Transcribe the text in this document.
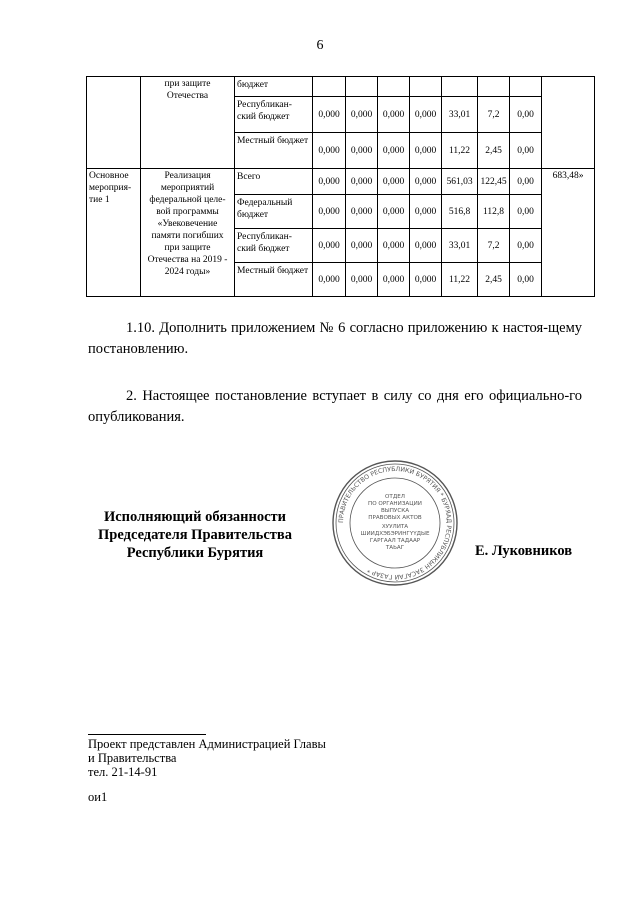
6
	при защите Отечества	бюджет								
		Республикан-ский бюджет	0,000	0,000	0,000	0,000	33,01	7,2	0,00	
		Местный бюджет	0,000	0,000	0,000	0,000	11,22	2,45	0,00	
Основное мероприя-тие 1	Реализация мероприятий федеральной целе-вой программы «Увековечение памяти погибших при защите Отечества на 2019 - 2024 годы»	Всего	0,000	0,000	0,000	0,000	561,03	122,45	0,00	683,48»
		Федеральный бюджет	0,000	0,000	0,000	0,000	516,8	112,8	0,00	
		Республикан-ский бюджет	0,000	0,000	0,000	0,000	33,01	7,2	0,00	
		Местный бюджет	0,000	0,000	0,000	0,000	11,22	2,45	0,00	
1.10. Дополнить приложением № 6 согласно приложению к настоя-щему постановлению.
2. Настоящее постановление вступает в силу со дня его официально-го опубликования.
Исполняющий обязанности
Председателя Правительства
Республики Бурятия
ПРАВИТЕЛЬСТВО РЕСПУБЛИКИ БУРЯТИЯ * БУРЯАД РЕСПУБЛИКЫН ЗАСАГАЙ ГАЗАР *
ОТДЕЛ
ПО ОРГАНИЗАЦИИ
ВЫПУСКА
ПРАВОВЫХ АКТОВ
ХУУЛИТА
ШИИДХЭБЭРИНГҮҮДЫЕ
ГАРГААЛ ТАДААР
ТАЬАГ	Е. Луковников
Проект представлен Администрацией Главы
и Правительства
тел. 21-14-91
ои1
